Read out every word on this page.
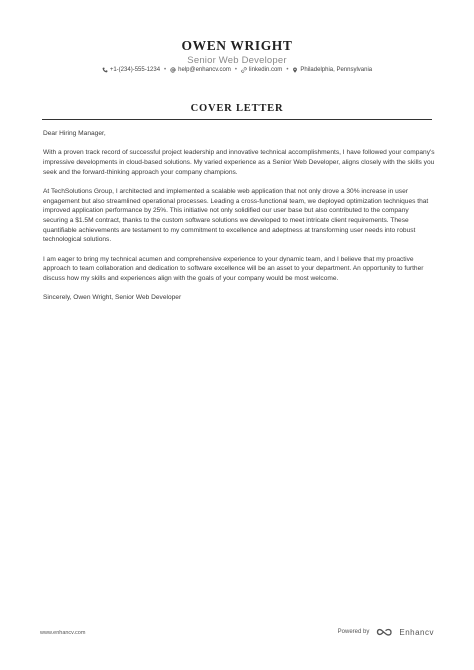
OWEN WRIGHT
Senior Web Developer
+1-(234)-555-1234 • help@enhancv.com • linkedin.com • Philadelphia, Pennsylvania
COVER LETTER

Dear Hiring Manager,

With a proven track record of successful project leadership and innovative technical accomplishments, I have followed your company's impressive developments in cloud-based solutions. My varied experience as a Senior Web Developer, aligns closely with the skills you seek and the forward-thinking approach your company champions.

At TechSolutions Group, I architected and implemented a scalable web application that not only drove a 30% increase in user engagement but also streamlined operational processes. Leading a cross-functional team, we deployed optimization techniques that improved application performance by 25%. This initiative not only solidified our user base but also contributed to the company securing a $1.5M contract, thanks to the custom software solutions we developed to meet intricate client requirements. These quantifiable achievements are testament to my commitment to excellence and adeptness at transforming user needs into robust technological solutions.

I am eager to bring my technical acumen and comprehensive experience to your dynamic team, and I believe that my proactive approach to team collaboration and dedication to software excellence will be an asset to your department. An opportunity to further discuss how my skills and experiences align with the goals of your company would be most welcome.

Sincerely, Owen Wright, Senior Web Developer

www.enhancv.com	Powered by	Enhancv
